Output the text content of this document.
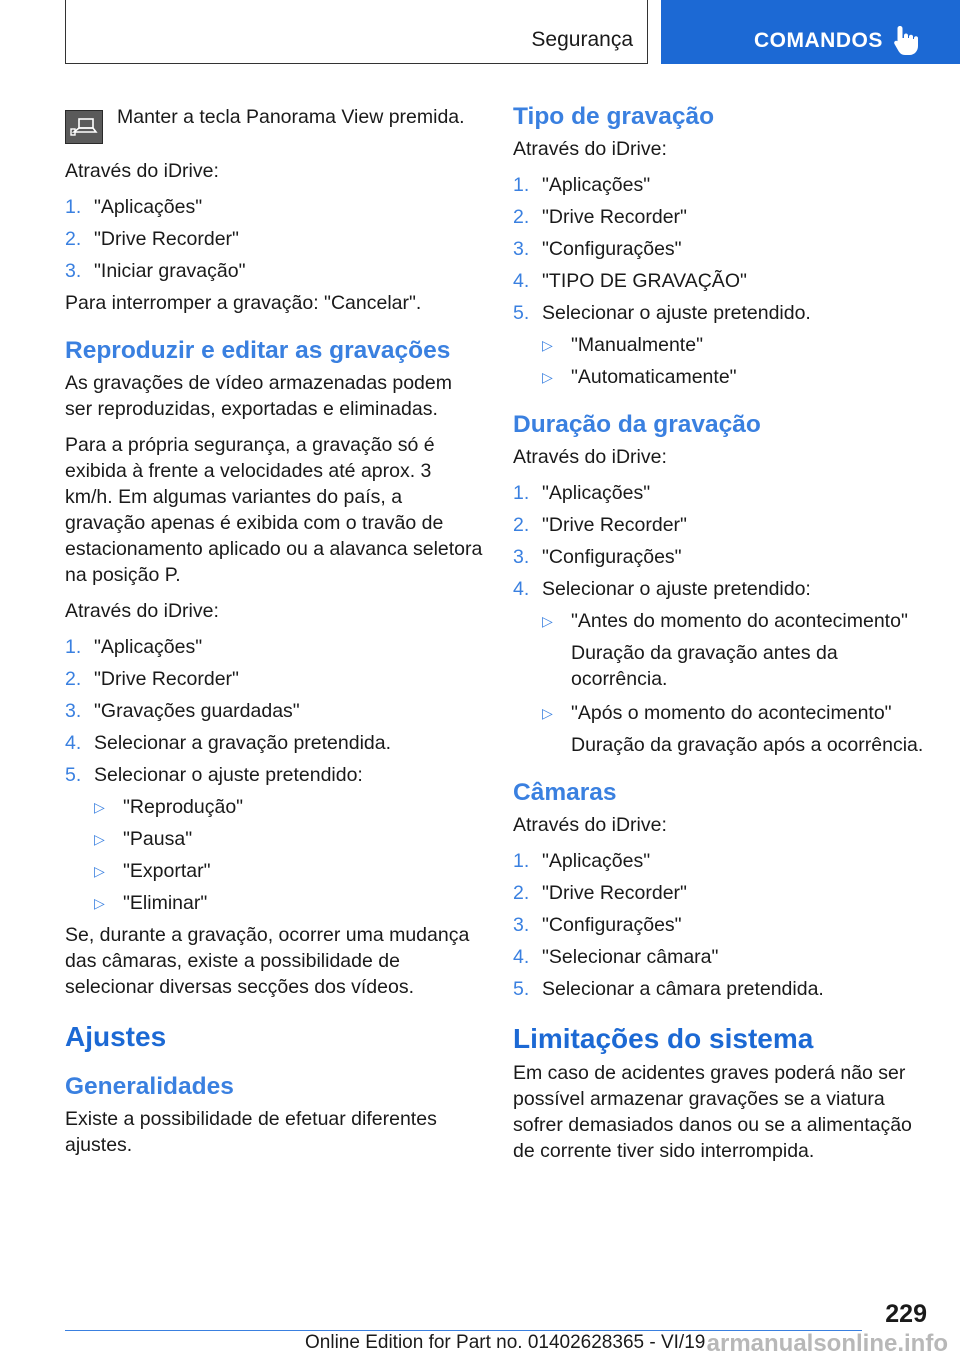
Segurança	COMANDOS
Manter a tecla Panorama View premida.

Através do iDrive:

1. "Aplicações"
2. "Drive Recorder"
3. "Iniciar gravação"

Para interromper a gravação: "Cancelar".

Reproduzir e editar as gravações

As gravações de vídeo armazenadas podem ser reproduzidas, exportadas e eliminadas.

Para a própria segurança, a gravação só é exibida à frente a velocidades até aprox. 3 km/h. Em algumas variantes do país, a gravação apenas é exibida com o travão de estacionamento aplicado ou a alavanca seletora na posição P.

Através do iDrive:

1. "Aplicações"
2. "Drive Recorder"
3. "Gravações guardadas"
4. Selecionar a gravação pretendida.
5. Selecionar o ajuste pretendido:
▷ "Reprodução"
▷ "Pausa"
▷ "Exportar"
▷ "Eliminar"

Se, durante a gravação, ocorrer uma mudança das câmaras, existe a possibilidade de selecionar diversas secções dos vídeos.

Ajustes
Generalidades

Existe a possibilidade de efetuar diferentes ajustes.

Tipo de gravação

Através do iDrive:

1. "Aplicações"
2. "Drive Recorder"
3. "Configurações"
4. "TIPO DE GRAVAÇÃO"
5. Selecionar o ajuste pretendido.
▷ "Manualmente"
▷ "Automaticamente"
Duração da gravação

Através do iDrive:

1. "Aplicações"
2. "Drive Recorder"
3. "Configurações"
4. Selecionar o ajuste pretendido:
▷ "Antes do momento do acontecimento"
Duração da gravação antes da ocorrência.
▷ "Após o momento do acontecimento"
Duração da gravação após a ocorrência.
Câmaras

Através do iDrive:

1. "Aplicações"
2. "Drive Recorder"
3. "Configurações"
4. "Selecionar câmara"
5. Selecionar a câmara pretendida.
Limitações do sistema

Em caso de acidentes graves poderá não ser possível armazenar gravações se a viatura sofrer demasiados danos ou se a alimentação de corrente tiver sido interrompida.

229
Online Edition for Part no. 01402628365 - VI/19 armanualsonline.info
